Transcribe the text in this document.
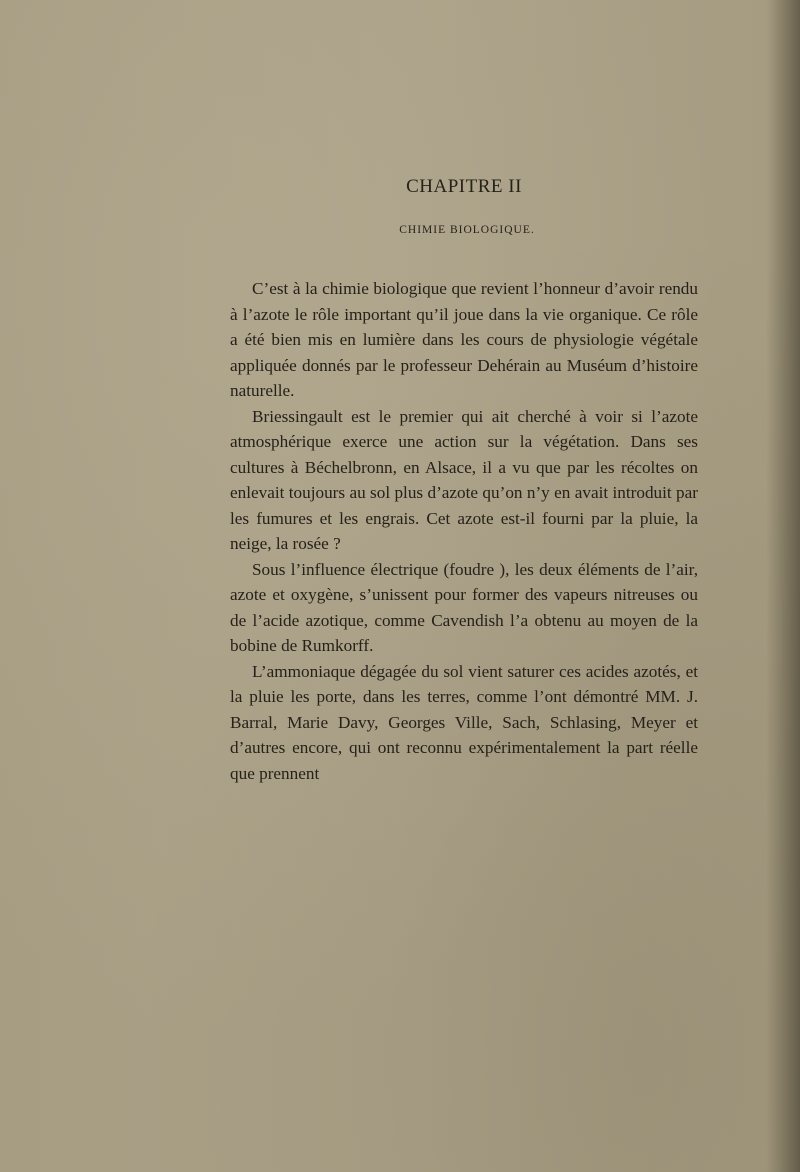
CHAPITRE II
CHIMIE BIOLOGIQUE.

C’est à la chimie biologique que revient l’honneur d’avoir rendu à l’azote le rôle important qu’il joue dans la vie organique. Ce rôle a été bien mis en lumière dans les cours de physiologie végétale appliquée donnés par le professeur Dehérain au Muséum d’histoire naturelle.

Briessingault est le premier qui ait cherché à voir si l’azote atmosphérique exerce une action sur la végétation. Dans ses cultures à Béchelbronn, en Alsace, il a vu que par les récoltes on enlevait toujours au sol plus d’azote qu’on n’y en avait introduit par les fumures et les engrais. Cet azote est-il fourni par la pluie, la neige, la rosée ?

Sous l’influence électrique (foudre ), les deux éléments de l’air, azote et oxygène, s’unissent pour former des vapeurs nitreuses ou de l’acide azotique, comme Cavendish l’a obtenu au moyen de la bobine de Rumkorff.

L’ammoniaque dégagée du sol vient saturer ces acides azotés, et la pluie les porte, dans les terres, comme l’ont démontré MM. J. Barral, Marie Davy, Georges Ville, Sach, Schlasing, Meyer et d’autres encore, qui ont reconnu expérimentalement la part réelle que prennent
